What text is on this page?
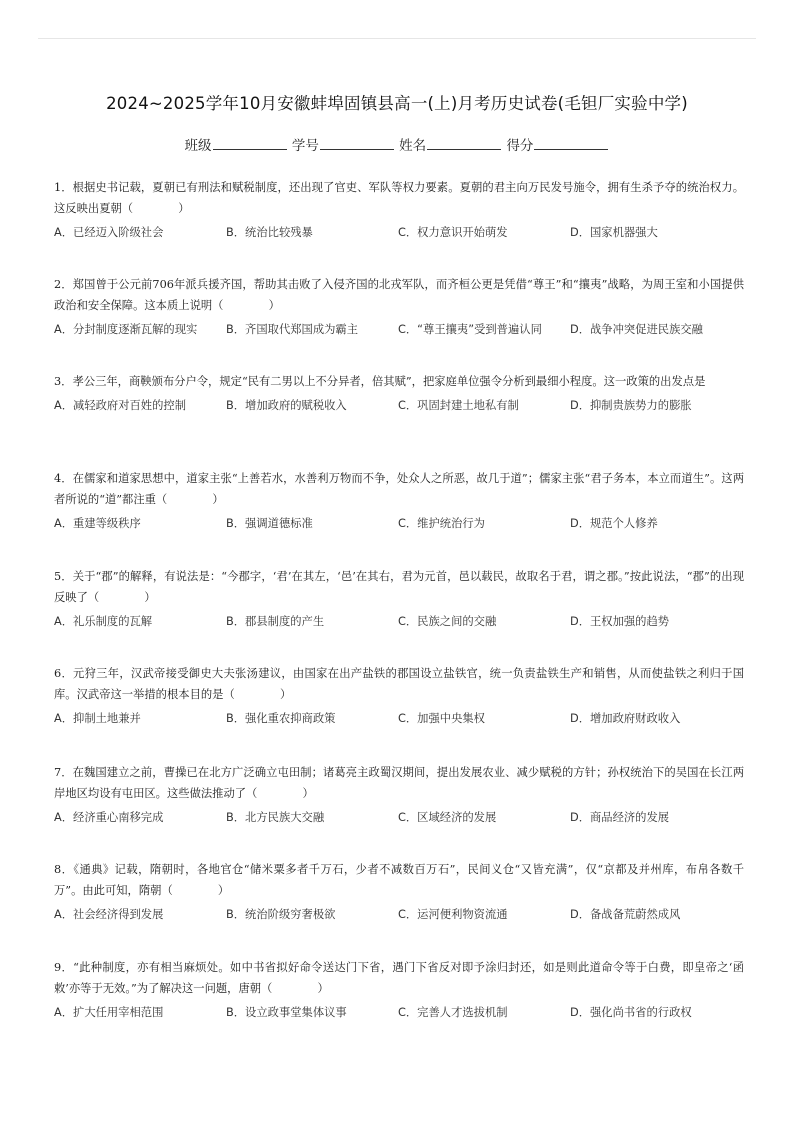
2024~2025学年10月安徽蚌埠固镇县高一(上)月考历史试卷(毛钽厂实验中学)
班级	学号	姓名	得分
1．根据史书记载，夏朝已有刑法和赋税制度，还出现了官吏、军队等权力要素。夏朝的君主向万民发号施令，拥有生杀予夺的统治权力。这反映出夏朝（　　　　）
A．已经迈入阶级社会	B．统治比较残暴	C．权力意识开始萌发	D．国家机器强大
2．郑国曾于公元前706年派兵援齐国，帮助其击败了入侵齐国的北戎军队，而齐桓公更是凭借“尊王”和“攘夷”战略，为周王室和小国提供政治和安全保障。这本质上说明（　　　　）
A．分封制度逐渐瓦解的现实	B．齐国取代郑国成为霸主	C．“尊王攘夷”受到普遍认同	D．战争冲突促进民族交融
3．孝公三年，商鞅颁布分户令，规定“民有二男以上不分异者，倍其赋”，把家庭单位强令分析到最细小程度。这一政策的出发点是
A．减轻政府对百姓的控制	B．增加政府的赋税收入	C．巩固封建土地私有制	D．抑制贵族势力的膨胀
4．在儒家和道家思想中，道家主张“上善若水，水善利万物而不争，处众人之所恶，故几于道”；儒家主张“君子务本，本立而道生”。这两者所说的“道”都注重（　　　　）
A．重建等级秩序	B．强调道德标准	C．维护统治行为	D．规范个人修养
5．关于“郡”的解释，有说法是：“今郡字，‘君’在其左，‘邑’在其右，君为元首，邑以载民，故取名于君，谓之郡。”按此说法，“郡”的出现反映了（　　　　）
A．礼乐制度的瓦解	B．郡县制度的产生	C．民族之间的交融	D．王权加强的趋势
6．元狩三年，汉武帝接受御史大夫张汤建议，由国家在出产盐铁的郡国设立盐铁官，统一负责盐铁生产和销售，从而使盐铁之利归于国库。汉武帝这一举措的根本目的是（　　　　）
A．抑制土地兼并	B．强化重农抑商政策	C．加强中央集权	D．增加政府财政收入
7．在魏国建立之前，曹操已在北方广泛确立屯田制；诸葛亮主政蜀汉期间，提出发展农业、减少赋税的方针；孙权统治下的吴国在长江两岸地区均设有屯田区。这些做法推动了（　　　　）
A．经济重心南移完成	B．北方民族大交融	C．区域经济的发展	D．商品经济的发展
8．《通典》记载，隋朝时，各地官仓“储米粟多者千万石，少者不减数百万石”，民间义仓“又皆充满”，仅“京都及并州库，布帛各数千万”。由此可知，隋朝（　　　　）
A．社会经济得到发展	B．统治阶级穷奢极欲	C．运河便利物资流通	D．备战备荒蔚然成风
9．“此种制度，亦有相当麻烦处。如中书省拟好命令送达门下省，遇门下省反对即予涂归封还，如是则此道命令等于白费，即皇帝之‘函敕’亦等于无效。”为了解决这一问题，唐朝（　　　　）
A．扩大任用宰相范围	B．设立政事堂集体议事	C．完善人才选拔机制	D．强化尚书省的行政权
